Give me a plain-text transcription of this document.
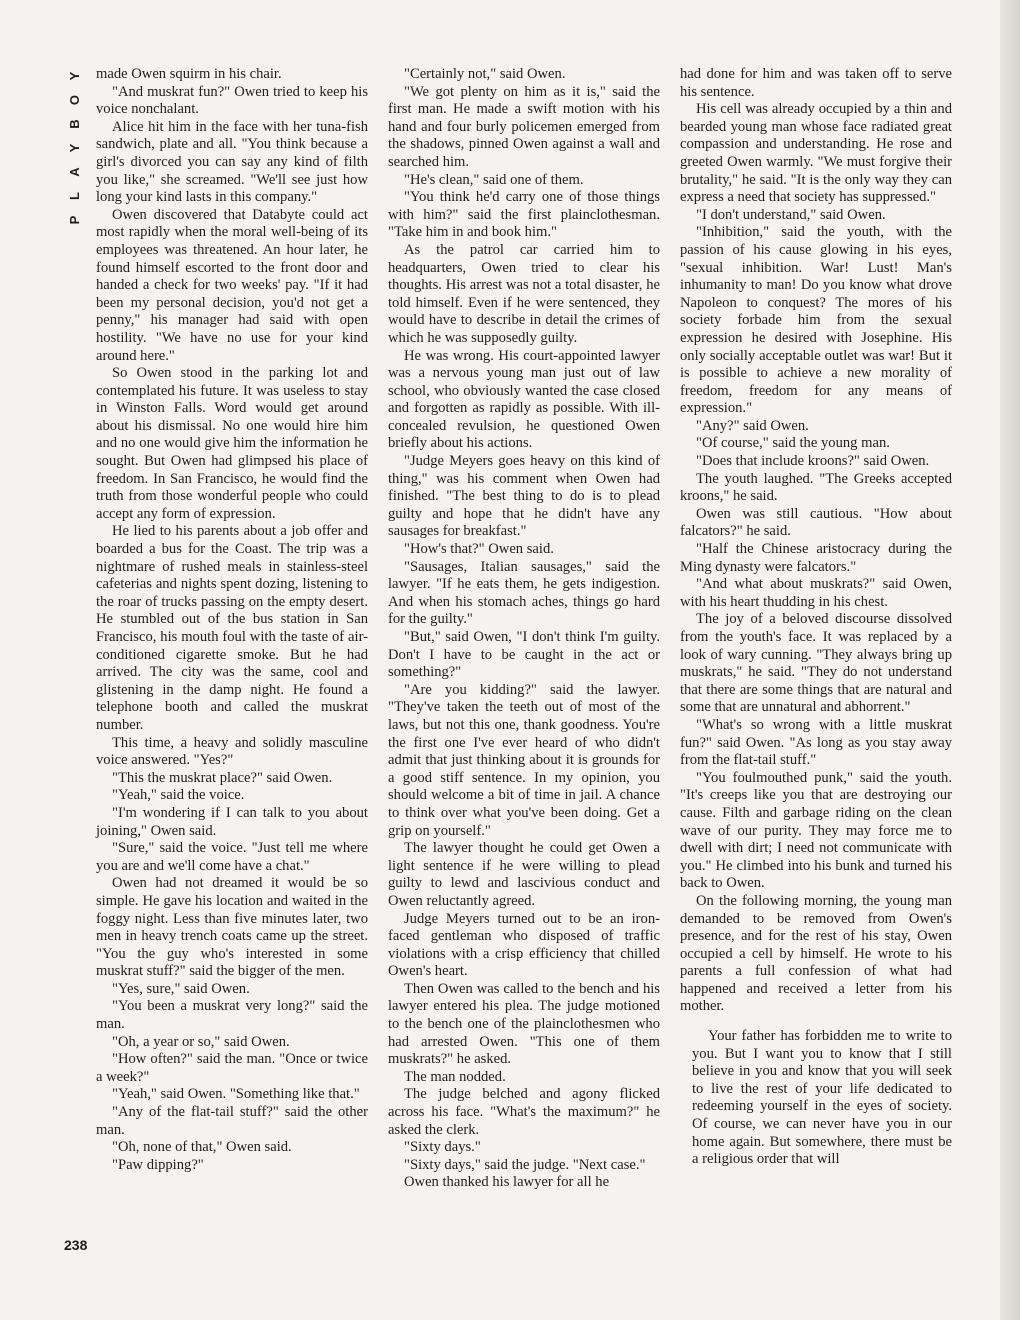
Y
O
B
Y
A
L
P

made Owen squirm in his chair.

"And muskrat fun?" Owen tried to keep his voice nonchalant.

Alice hit him in the face with her tuna-fish sandwich, plate and all. "You think because a girl's divorced you can say any kind of filth you like," she screamed. "We'll see just how long your kind lasts in this company."

Owen discovered that Databyte could act most rapidly when the moral well-being of its employees was threatened. An hour later, he found himself escorted to the front door and handed a check for two weeks' pay. "If it had been my personal decision, you'd not get a penny," his manager had said with open hostility. "We have no use for your kind around here."

So Owen stood in the parking lot and contemplated his future. It was useless to stay in Winston Falls. Word would get around about his dismissal. No one would hire him and no one would give him the information he sought. But Owen had glimpsed his place of freedom. In San Francisco, he would find the truth from those wonderful people who could accept any form of expression.

He lied to his parents about a job offer and boarded a bus for the Coast. The trip was a nightmare of rushed meals in stainless-steel cafeterias and nights spent dozing, listening to the roar of trucks passing on the empty desert. He stumbled out of the bus station in San Francisco, his mouth foul with the taste of air-conditioned cigarette smoke. But he had arrived. The city was the same, cool and glistening in the damp night. He found a telephone booth and called the muskrat number.

This time, a heavy and solidly masculine voice answered. "Yes?"

"This the muskrat place?" said Owen.

"Yeah," said the voice.

"I'm wondering if I can talk to you about joining," Owen said.

"Sure," said the voice. "Just tell me where you are and we'll come have a chat."

Owen had not dreamed it would be so simple. He gave his location and waited in the foggy night. Less than five minutes later, two men in heavy trench coats came up the street. "You the guy who's interested in some muskrat stuff?" said the bigger of the men.

"Yes, sure," said Owen.

"You been a muskrat very long?" said the man.

"Oh, a year or so," said Owen.

"How often?" said the man. "Once or twice a week?"

"Yeah," said Owen. "Something like that."

"Any of the flat-tail stuff?" said the other man.

"Oh, none of that," Owen said.

"Paw dipping?"

"Certainly not," said Owen.

"We got plenty on him as it is," said the first man. He made a swift motion with his hand and four burly policemen emerged from the shadows, pinned Owen against a wall and searched him.

"He's clean," said one of them.

"You think he'd carry one of those things with him?" said the first plainclothesman. "Take him in and book him."

As the patrol car carried him to headquarters, Owen tried to clear his thoughts. His arrest was not a total disaster, he told himself. Even if he were sentenced, they would have to describe in detail the crimes of which he was supposedly guilty.

He was wrong. His court-appointed lawyer was a nervous young man just out of law school, who obviously wanted the case closed and forgotten as rapidly as possible. With ill-concealed revulsion, he questioned Owen briefly about his actions.

"Judge Meyers goes heavy on this kind of thing," was his comment when Owen had finished. "The best thing to do is to plead guilty and hope that he didn't have any sausages for breakfast."

"How's that?" Owen said.

"Sausages, Italian sausages," said the lawyer. "If he eats them, he gets indigestion. And when his stomach aches, things go hard for the guilty."

"But," said Owen, "I don't think I'm guilty. Don't I have to be caught in the act or something?"

"Are you kidding?" said the lawyer. "They've taken the teeth out of most of the laws, but not this one, thank goodness. You're the first one I've ever heard of who didn't admit that just thinking about it is grounds for a good stiff sentence. In my opinion, you should welcome a bit of time in jail. A chance to think over what you've been doing. Get a grip on yourself."

The lawyer thought he could get Owen a light sentence if he were willing to plead guilty to lewd and lascivious conduct and Owen reluctantly agreed.

Judge Meyers turned out to be an iron-faced gentleman who disposed of traffic violations with a crisp efficiency that chilled Owen's heart.

Then Owen was called to the bench and his lawyer entered his plea. The judge motioned to the bench one of the plainclothesmen who had arrested Owen. "This one of them muskrats?" he asked.

The man nodded.

The judge belched and agony flicked across his face. "What's the maximum?" he asked the clerk.

"Sixty days."

"Sixty days," said the judge. "Next case."

Owen thanked his lawyer for all he

had done for him and was taken off to serve his sentence.

His cell was already occupied by a thin and bearded young man whose face radiated great compassion and understanding. He rose and greeted Owen warmly. "We must forgive their brutality," he said. "It is the only way they can express a need that society has suppressed."

"I don't understand," said Owen.

"Inhibition," said the youth, with the passion of his cause glowing in his eyes, "sexual inhibition. War! Lust! Man's inhumanity to man! Do you know what drove Napoleon to conquest? The mores of his society forbade him from the sexual expression he desired with Josephine. His only socially acceptable outlet was war! But it is possible to achieve a new morality of freedom, freedom for any means of expression."

"Any?" said Owen.

"Of course," said the young man.

"Does that include kroons?" said Owen.

The youth laughed. "The Greeks accepted kroons," he said.

Owen was still cautious. "How about falcators?" he said.

"Half the Chinese aristocracy during the Ming dynasty were falcators."

"And what about muskrats?" said Owen, with his heart thudding in his chest.

The joy of a beloved discourse dissolved from the youth's face. It was replaced by a look of wary cunning. "They always bring up muskrats," he said. "They do not understand that there are some things that are natural and some that are unnatural and abhorrent."

"What's so wrong with a little muskrat fun?" said Owen. "As long as you stay away from the flat-tail stuff."

"You foulmouthed punk," said the youth. "It's creeps like you that are destroying our cause. Filth and garbage riding on the clean wave of our purity. They may force me to dwell with dirt; I need not communicate with you." He climbed into his bunk and turned his back to Owen.

On the following morning, the young man demanded to be removed from Owen's presence, and for the rest of his stay, Owen occupied a cell by himself. He wrote to his parents a full confession of what had happened and received a letter from his mother.

Your father has forbidden me to write to you. But I want you to know that I still believe in you and know that you will seek to live the rest of your life dedicated to redeeming yourself in the eyes of society. Of course, we can never have you in our home again. But somewhere, there must be a religious order that will

238
